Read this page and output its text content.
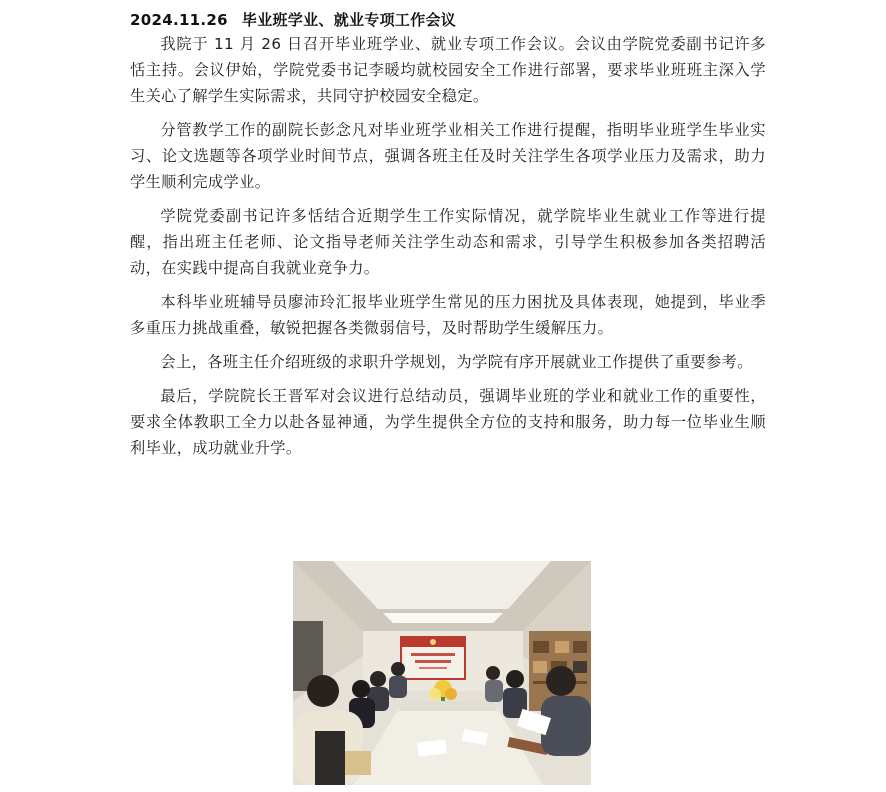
2024.11.26 毕业班学业、就业专项工作会议

我院于 11 月 26 日召开毕业班学业、就业专项工作会议。会议由学院党委副书记许多恬主持。会议伊始，学院党委书记李暖均就校园安全工作进行部署，要求毕业班班主深入学生关心了解学生实际需求，共同守护校园安全稳定。

分管教学工作的副院长彭念凡对毕业班学业相关工作进行提醒，指明毕业班学生毕业实习、论文选题等各项学业时间节点，强调各班主任及时关注学生各项学业压力及需求，助力学生顺利完成学业。

学院党委副书记许多恬结合近期学生工作实际情况，就学院毕业生就业工作等进行提醒，指出班主任老师、论文指导老师关注学生动态和需求，引导学生积极参加各类招聘活动，在实践中提高自我就业竞争力。

本科毕业班辅导员廖沛玲汇报毕业班学生常见的压力困扰及具体表现，她提到，毕业季多重压力挑战重叠，敏锐把握各类微弱信号，及时帮助学生缓解压力。

会上，各班主任介绍班级的求职升学规划，为学院有序开展就业工作提供了重要参考。

最后，学院院长王晋军对会议进行总结动员，强调毕业班的学业和就业工作的重要性，要求全体教职工全力以赴各显神通，为学生提供全方位的支持和服务，助力每一位毕业生顺利毕业，成功就业升学。
